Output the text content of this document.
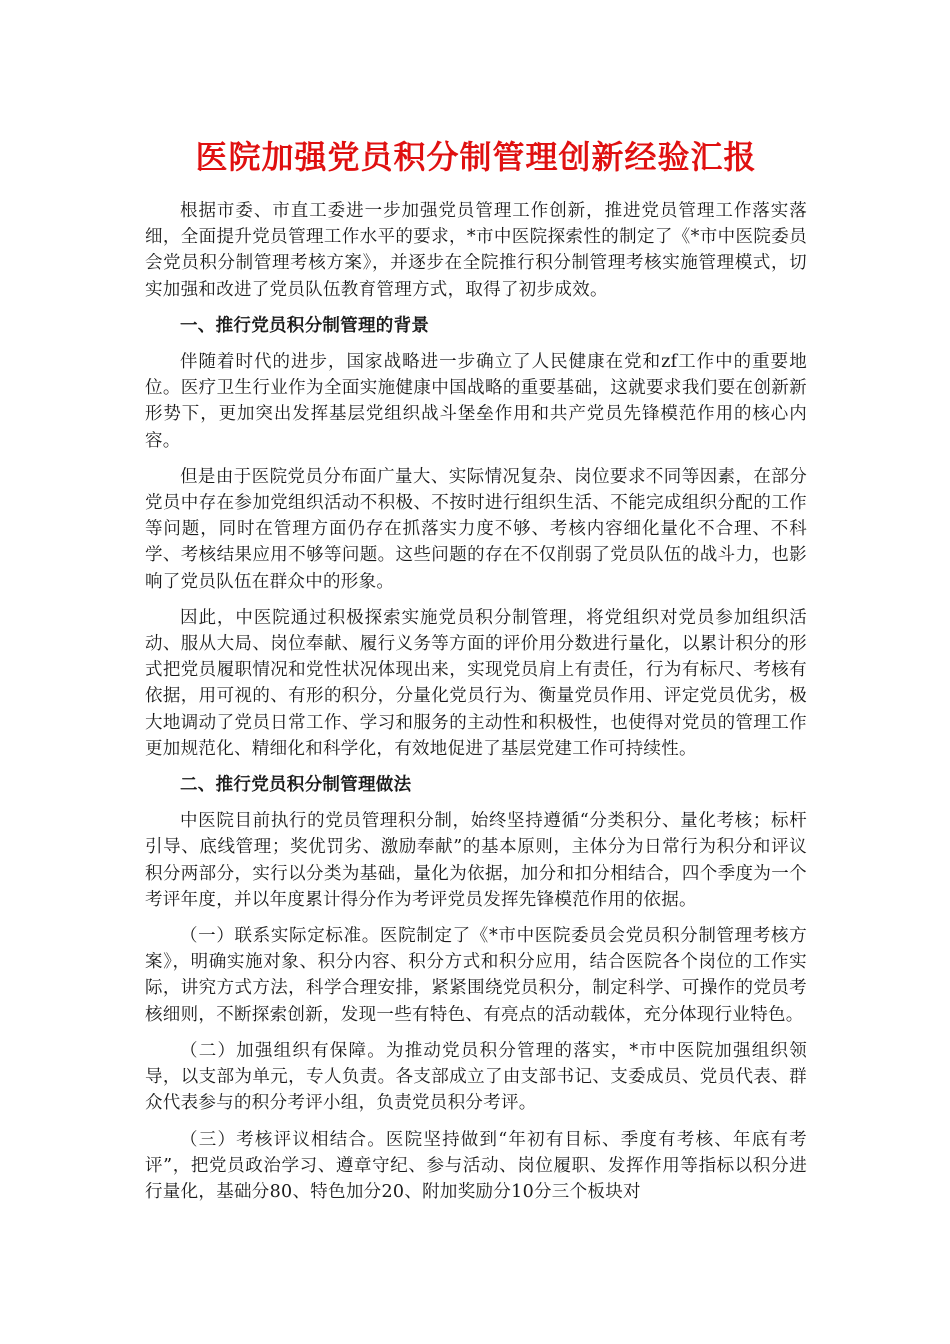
医院加强党员积分制管理创新经验汇报

根据市委、市直工委进一步加强党员管理工作创新，推进党员管理工作落实落细，全面提升党员管理工作水平的要求，*市中医院探索性的制定了《*市中医院委员会党员积分制管理考核方案》，并逐步在全院推行积分制管理考核实施管理模式，切实加强和改进了党员队伍教育管理方式，取得了初步成效。

一、推行党员积分制管理的背景

伴随着时代的进步，国家战略进一步确立了人民健康在党和zf工作中的重要地位。医疗卫生行业作为全面实施健康中国战略的重要基础，这就要求我们要在创新新形势下，更加突出发挥基层党组织战斗堡垒作用和共产党员先锋模范作用的核心内容。

但是由于医院党员分布面广量大、实际情况复杂、岗位要求不同等因素，在部分党员中存在参加党组织活动不积极、不按时进行组织生活、不能完成组织分配的工作等问题，同时在管理方面仍存在抓落实力度不够、考核内容细化量化不合理、不科学、考核结果应用不够等问题。这些问题的存在不仅削弱了党员队伍的战斗力，也影响了党员队伍在群众中的形象。

因此，中医院通过积极探索实施党员积分制管理，将党组织对党员参加组织活动、服从大局、岗位奉献、履行义务等方面的评价用分数进行量化，以累计积分的形式把党员履职情况和党性状况体现出来，实现党员肩上有责任，行为有标尺、考核有依据，用可视的、有形的积分，分量化党员行为、衡量党员作用、评定党员优劣，极大地调动了党员日常工作、学习和服务的主动性和积极性，也使得对党员的管理工作更加规范化、精细化和科学化，有效地促进了基层党建工作可持续性。

二、推行党员积分制管理做法

中医院目前执行的党员管理积分制，始终坚持遵循“分类积分、量化考核；标杆引导、底线管理；奖优罚劣、激励奉献”的基本原则，主体分为日常行为积分和评议积分两部分，实行以分类为基础，量化为依据，加分和扣分相结合，四个季度为一个考评年度，并以年度累计得分作为考评党员发挥先锋模范作用的依据。

（一）联系实际定标准。医院制定了《*市中医院委员会党员积分制管理考核方案》，明确实施对象、积分内容、积分方式和积分应用，结合医院各个岗位的工作实际，讲究方式方法，科学合理安排，紧紧围绕党员积分，制定科学、可操作的党员考核细则，不断探索创新，发现一些有特色、有亮点的活动载体，充分体现行业特色。

（二）加强组织有保障。为推动党员积分管理的落实，*市中医院加强组织领导，以支部为单元，专人负责。各支部成立了由支部书记、支委成员、党员代表、群众代表参与的积分考评小组，负责党员积分考评。

（三）考核评议相结合。医院坚持做到“年初有目标、季度有考核、年底有考评”，把党员政治学习、遵章守纪、参与活动、岗位履职、发挥作用等指标以积分进行量化，基础分80、特色加分20、附加奖励分10分三个板块对
